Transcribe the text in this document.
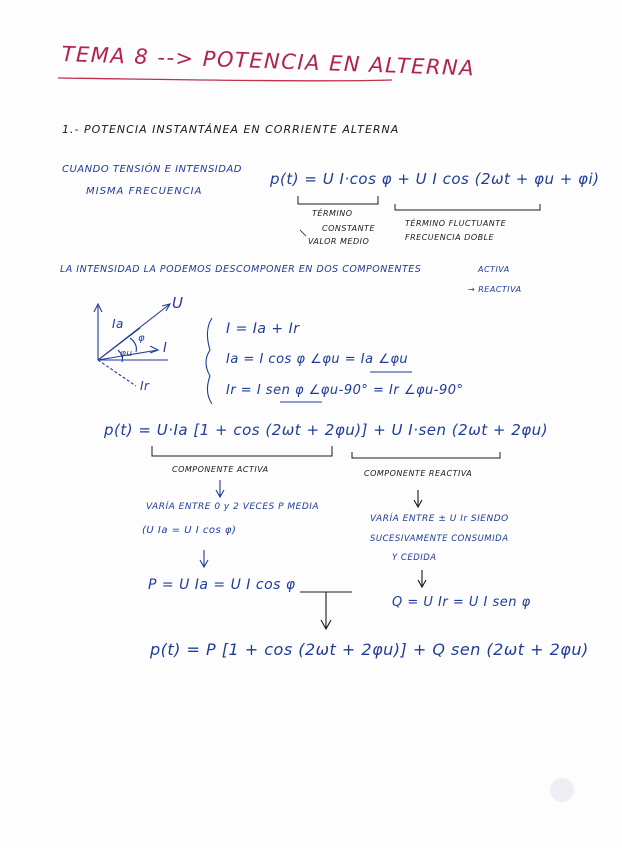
TEMA 8 --> POTENCIA EN ALTERNA
1.- POTENCIA INSTANTÁNEA EN CORRIENTE ALTERNA
CUANDO TENSIÓN E INTENSIDAD
MISMA FRECUENCIA
p(t) = U I·cos φ + U I cos (2ωt + φu + φi)
TÉRMINO
CONSTANTE
VALOR MEDIO
TÉRMINO FLUCTUANTE
FRECUENCIA DOBLE
LA INTENSIDAD LA PODEMOS DESCOMPONER EN DOS COMPONENTES	ACTIVA
→ REACTIVA
U
Ia
φ
φu I
Ir
I = Ia + Ir
Ia = I cos φ ∠φu = Ia ∠φu
Ir = I sen φ ∠φu-90° = Ir ∠φu-90°
p(t) = U·Ia [1 + cos (2ωt + 2φu)] + U I·sen (2ωt + 2φu)
COMPONENTE ACTIVA	COMPONENTE REACTIVA
VARÍA ENTRE 0 y 2 VECES P MEDIA
(U Ia = U I cos φ)
VARÍA ENTRE ± U Ir SIENDO
SUCESIVAMENTE CONSUMIDA
Y CEDIDA
P = U Ia = U I cos φ
Q = U Ir = U I sen φ
p(t) = P [1 + cos (2ωt + 2φu)] + Q sen (2ωt + 2φu)
